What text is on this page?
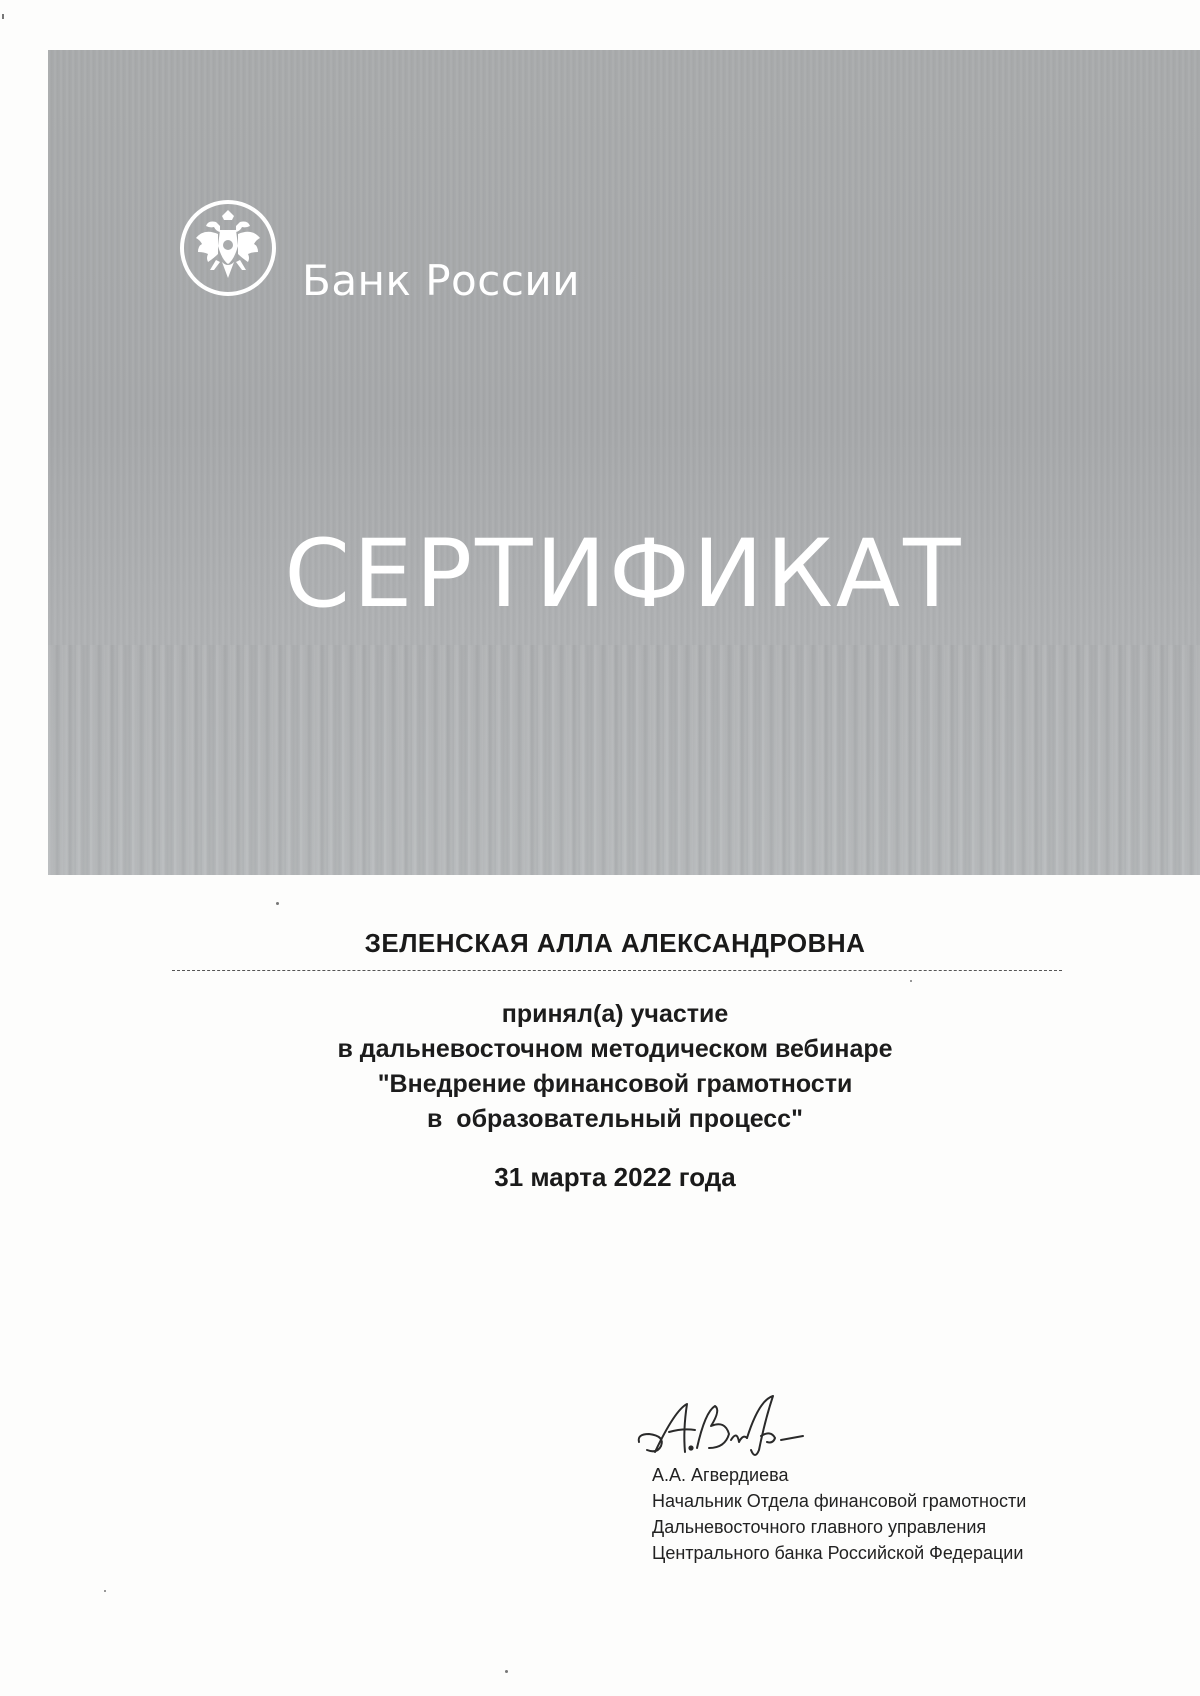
Банк России
СЕРТИФИКАТ
ЗЕЛЕНСКАЯ АЛЛА АЛЕКСАНДРОВНА
принял(а) участие
в дальневосточном методическом вебинаре
"Внедрение финансовой грамотности
в  образовательный процесс"
31 марта 2022 года
А.А. Агвердиева
Начальник Отдела финансовой грамотности
Дальневосточного главного управления
Центрального банка Российской Федерации
